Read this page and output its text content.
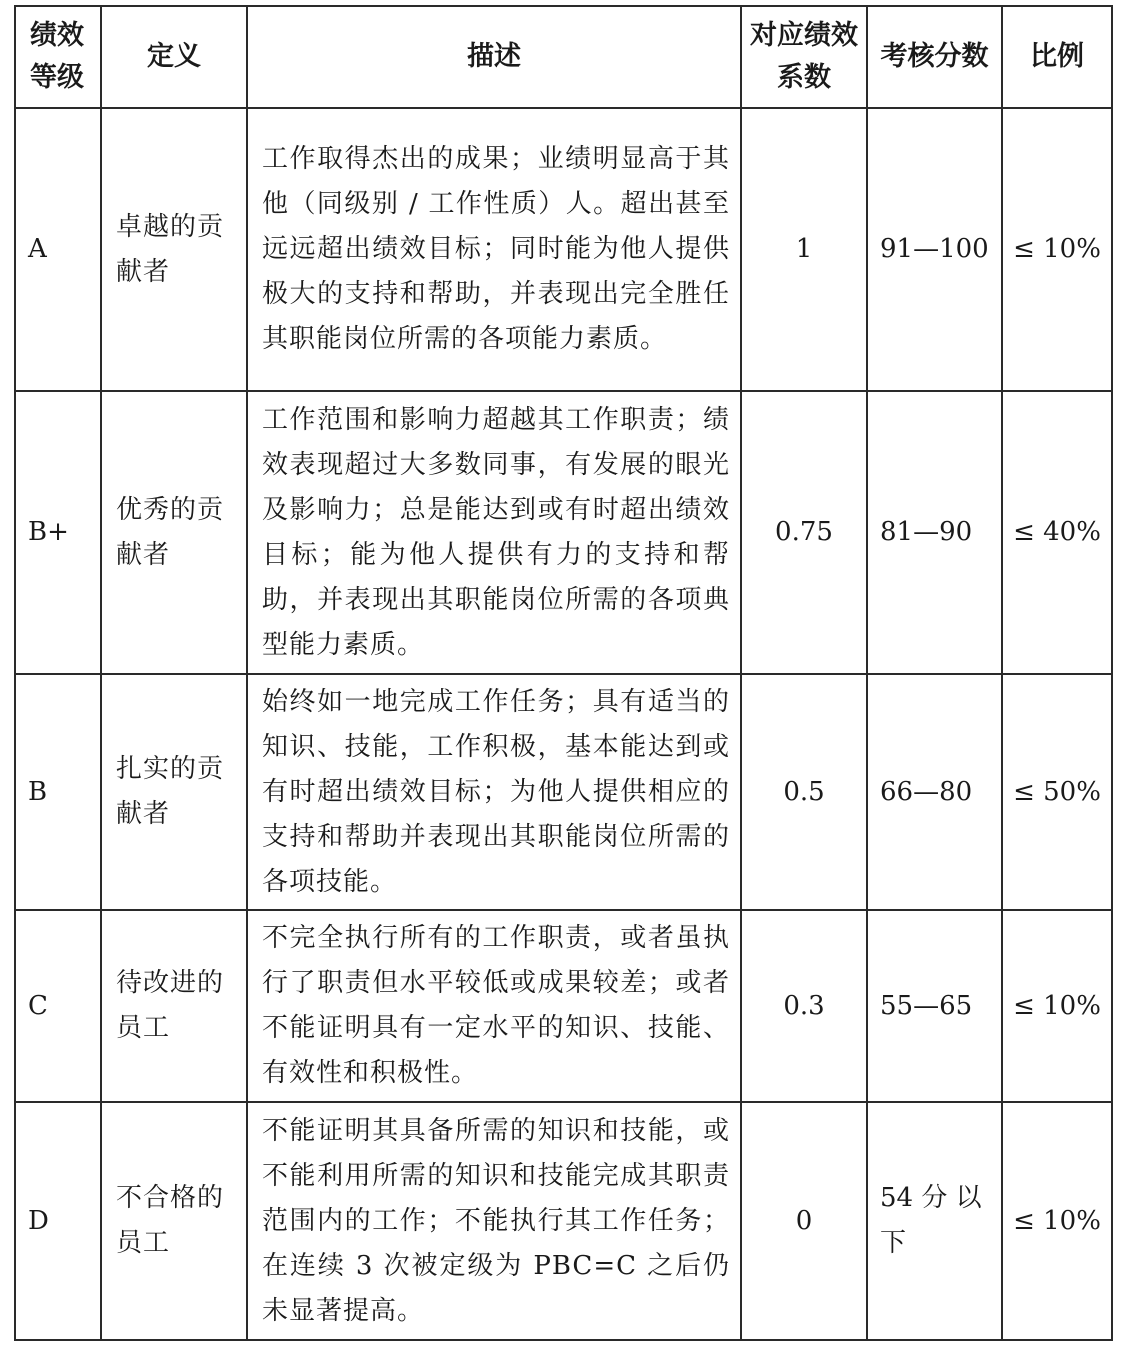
绩效等级	定义	描述	对应绩效系数	考核分数	比例

A	卓越的贡献者	工作取得杰出的成果；业绩明显高于其他（同级别 / 工作性质）人。超出甚至远远超出绩效目标；同时能为他人提供极大的支持和帮助，并表现出完全胜任其职能岗位所需的各项能力素质。	1	91—100	≤ 10%

B+	优秀的贡献者	工作范围和影响力超越其工作职责；绩效表现超过大多数同事，有发展的眼光及影响力；总是能达到或有时超出绩效目标；能为他人提供有力的支持和帮助，并表现出其职能岗位所需的各项典型能力素质。	0.75	81—90	≤ 40%

B	扎实的贡献者	始终如一地完成工作任务；具有适当的知识、技能，工作积极，基本能达到或有时超出绩效目标；为他人提供相应的支持和帮助并表现出其职能岗位所需的各项技能。	0.5	66—80	≤ 50%

C	待改进的员工	不完全执行所有的工作职责，或者虽执行了职责但水平较低或成果较差；或者不能证明具有一定水平的知识、技能、有效性和积极性。	0.3	55—65	≤ 10%

D	不合格的员工	不能证明其具备所需的知识和技能，或不能利用所需的知识和技能完成其职责范围内的工作；不能执行其工作任务；在连续 3 次被定级为 PBC=C 之后仍未显著提高。	0	54 分 以下	≤ 10%
